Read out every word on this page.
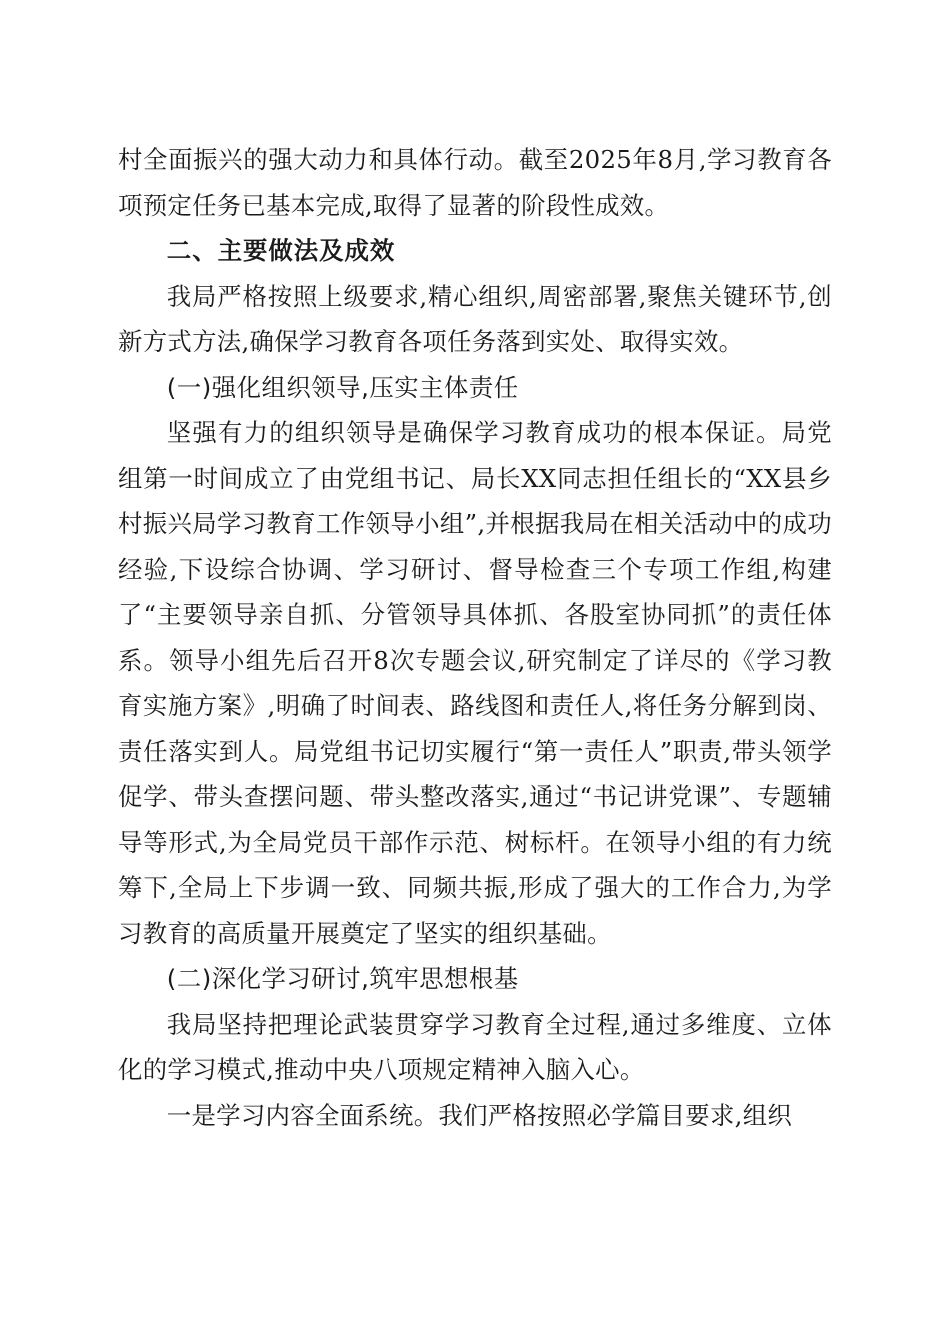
村全面振兴的强大动力和具体行动。截至2025年8月,学习教育各项预定任务已基本完成,取得了显著的阶段性成效。

二、主要做法及成效

我局严格按照上级要求,精心组织,周密部署,聚焦关键环节,创新方式方法,确保学习教育各项任务落到实处、取得实效。

(一)强化组织领导,压实主体责任

坚强有力的组织领导是确保学习教育成功的根本保证。局党组第一时间成立了由党组书记、局长XX同志担任组长的“XX县乡村振兴局学习教育工作领导小组”,并根据我局在相关活动中的成功经验,下设综合协调、学习研讨、督导检查三个专项工作组,构建了“主要领导亲自抓、分管领导具体抓、各股室协同抓”的责任体系。领导小组先后召开8次专题会议,研究制定了详尽的《学习教育实施方案》,明确了时间表、路线图和责任人,将任务分解到岗、责任落实到人。局党组书记切实履行“第一责任人”职责,带头领学促学、带头查摆问题、带头整改落实,通过“书记讲党课”、专题辅导等形式,为全局党员干部作示范、树标杆。在领导小组的有力统筹下,全局上下步调一致、同频共振,形成了强大的工作合力,为学习教育的高质量开展奠定了坚实的组织基础。

(二)深化学习研讨,筑牢思想根基

我局坚持把理论武装贯穿学习教育全过程,通过多维度、立体化的学习模式,推动中央八项规定精神入脑入心。

一是学习内容全面系统。我们严格按照必学篇目要求,组织
